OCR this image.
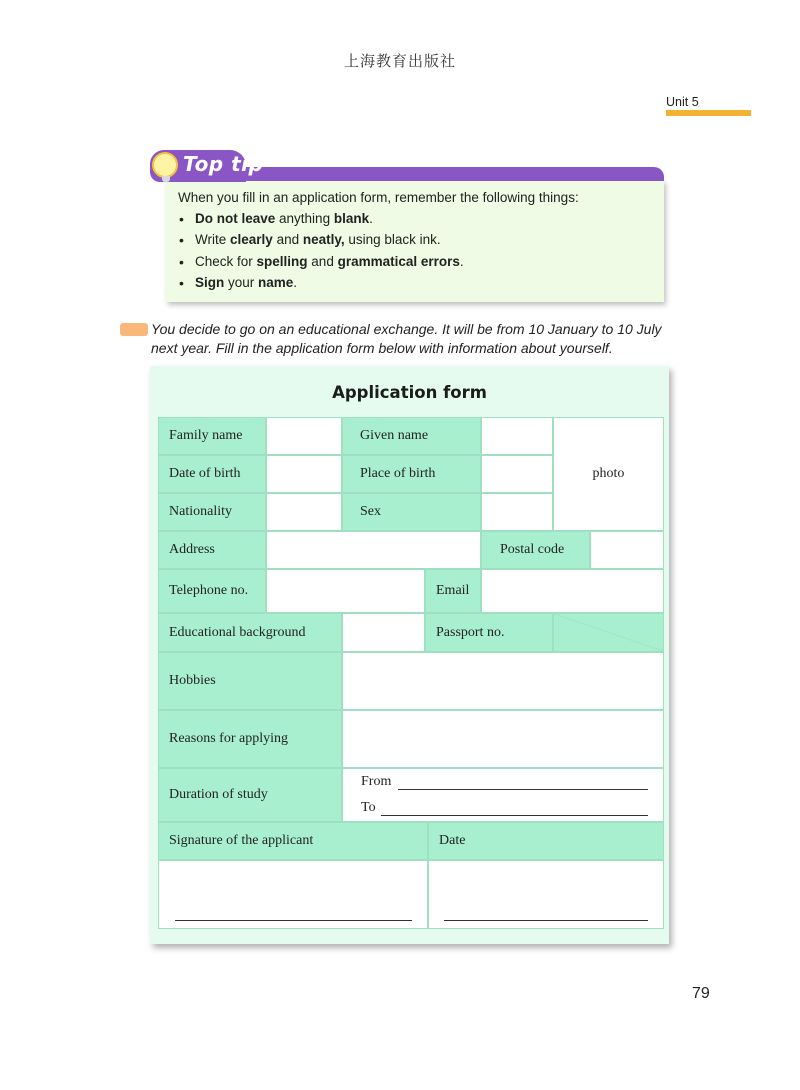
上海教育出版社
Unit 5
Top tip
When you fill in an application form, remember the following things:
• Do not leave anything blank.
• Write clearly and neatly, using black ink.
• Check for spelling and grammatical errors.
• Sign your name.
You decide to go on an educational exchange. It will be from 10 January to 10 July next year. Fill in the application form below with information about yourself.
Application form
Family name	Given name
photo
Date of birth	Place of birth
Nationality	Sex
Address	Postal code
Telephone no.	Email
Educational background	Passport no.
Hobbies
Reasons for applying
Duration of study
From
To
Signature of the applicant	Date
79
